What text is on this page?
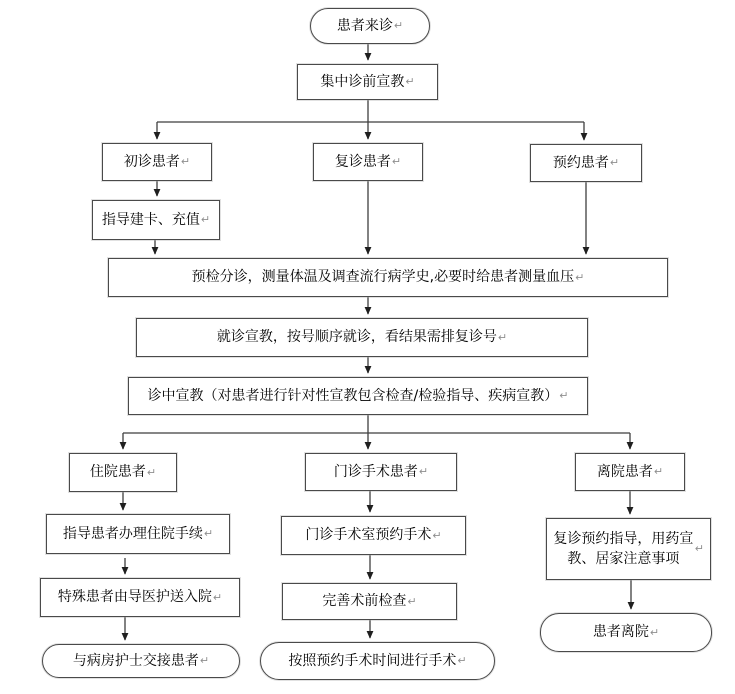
患者来诊 ↵
集中诊前宣教 ↵
初诊患者 ↵	复诊患者 ↵	预约患者 ↵
指导建卡、充值 ↵
预检分诊，测量体温及调查流行病学史,必要时给患者测量血压 ↵
就诊宣教，按号顺序就诊，看结果需排复诊号 ↵
诊中宣教（对患者进行针对性宣教包含检查/检验指导、疾病宣教） ↵
住院患者 ↵	门诊手术患者 ↵	离院患者 ↵
指导患者办理住院手续 ↵	门诊手术室预约手术 ↵	复诊预约指导，用药宣教、居家注意事项
↵
特殊患者由导医护送入院 ↵	完善术前检查 ↵
与病房护士交接患者 ↵	按照预约手术时间进行手术 ↵
患者离院 ↵
